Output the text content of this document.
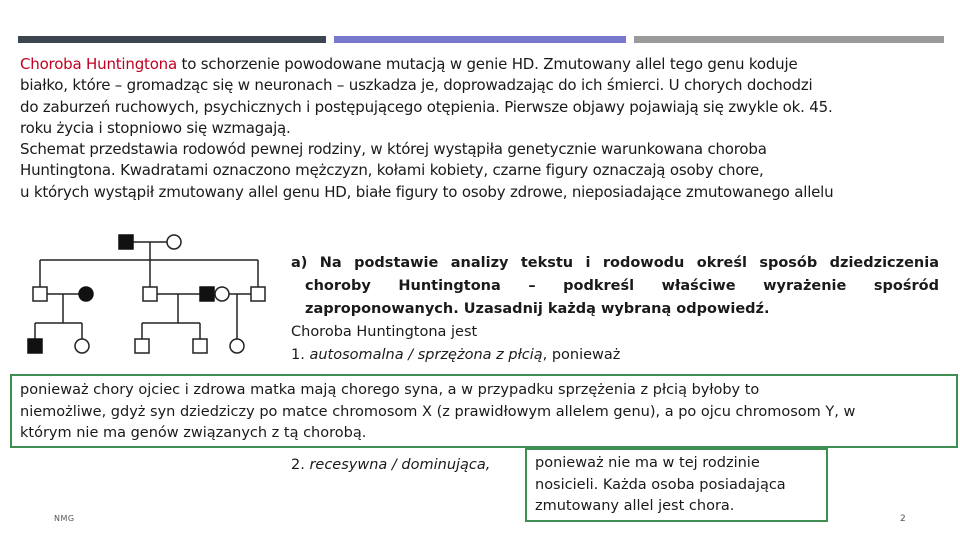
Choroba Huntingtona to schorzenie powodowane mutacją w genie HD. Zmutowany allel tego genu koduje

białko, które – gromadząc się w neuronach – uszkadza je, doprowadzając do ich śmierci. U chorych dochodzi

do zaburzeń ruchowych, psychicznych i postępującego otępienia. Pierwsze objawy pojawiają się zwykle ok. 45.

roku życia i stopniowo się wzmagają.

Schemat przedstawia rodowód pewnej rodziny, w której wystąpiła genetycznie warunkowana choroba

Huntingtona. Kwadratami oznaczono mężczyzn, kołami kobiety, czarne figury oznaczają osoby chore,

u których wystąpił zmutowany allel genu HD, białe figury to osoby zdrowe, nieposiadające zmutowanego allelu

a) Na podstawie analizy tekstu i rodowodu określ sposób dziedziczenia
choroby Huntingtona – podkreśl właściwe wyrażenie spośród
zaproponowanych. Uzasadnij każdą wybraną odpowiedź.
Choroba Huntingtona jest
1. autosomalna / sprzężona z płcią, ponieważ
ponieważ chory ojciec i zdrowa matka mają chorego syna, a w przypadku sprzężenia z płcią byłoby to
niemożliwe, gdyż syn dziedziczy po matce chromosom X (z prawidłowym allelem genu), a po ojcu chromosom Y, w
którym nie ma genów związanych z tą chorobą.
2. recesywna / dominująca,	ponieważ nie ma w tej rodzinie
nosicieli. Każda osoba posiadająca
zmutowany allel jest chora.
NMG	2
